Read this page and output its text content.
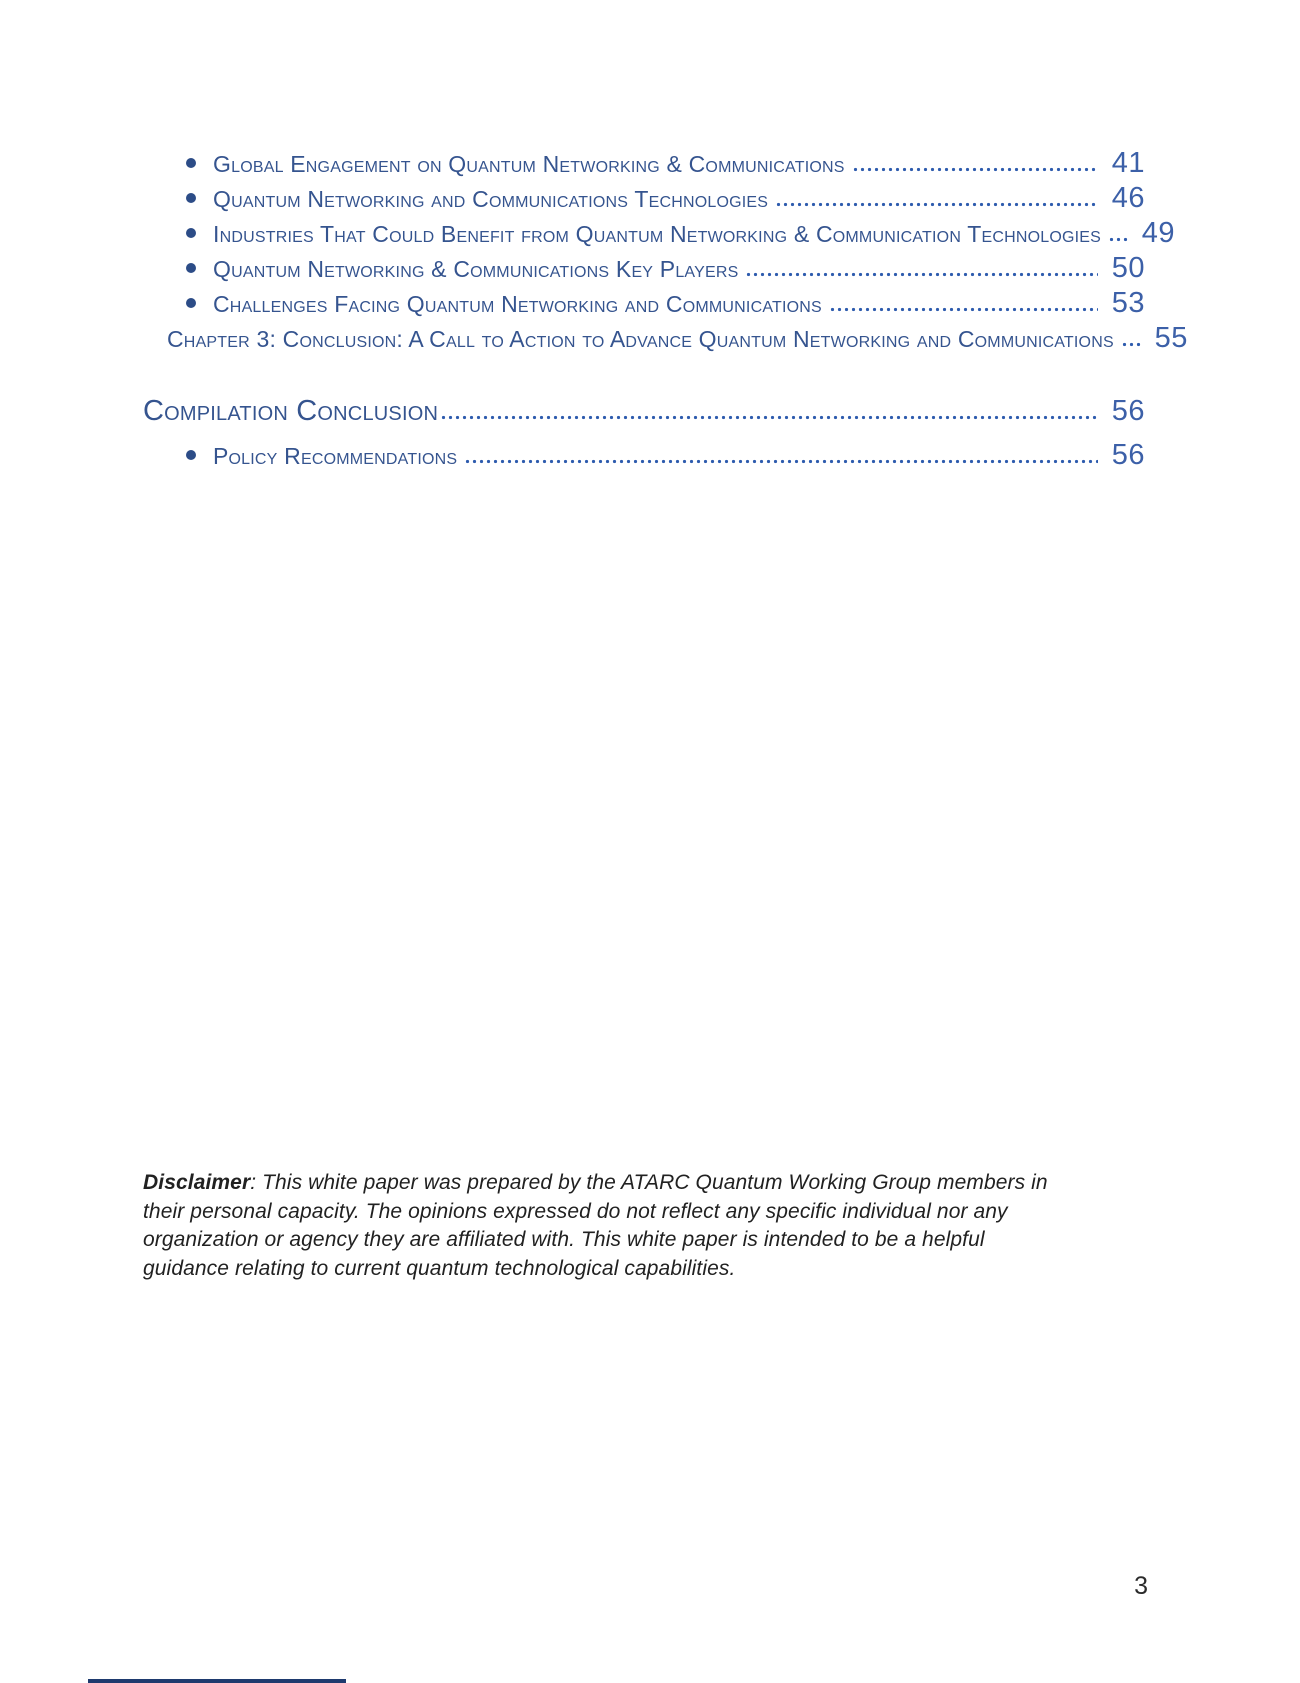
Global Engagement on Quantum Networking & Communications	41
Quantum Networking and Communications Technologies	46
Industries That Could Benefit from Quantum Networking & Communication Technologies 49
Quantum Networking & Communications Key Players	50
Challenges Facing Quantum Networking and Communications	53
Chapter 3: Conclusion: A Call to Action to Advance Quantum Networking and Communications 55
Compilation Conclusion	56
Policy Recommendations	56

Disclaimer: This white paper was prepared by the ATARC Quantum Working Group members in their personal capacity. The opinions expressed do not reflect any specific individual nor any organization or agency they are affiliated with. This white paper is intended to be a helpful guidance relating to current quantum technological capabilities.

3
